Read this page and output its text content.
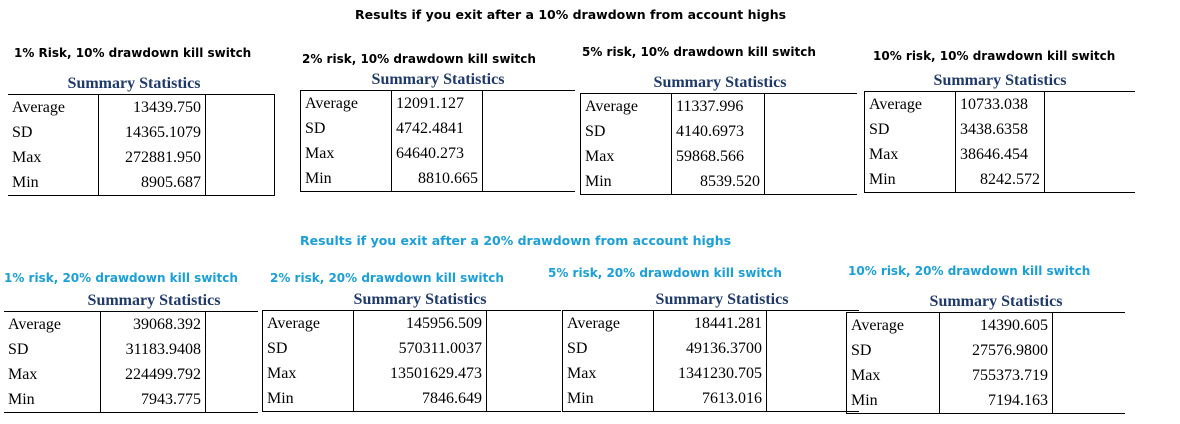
Results if you exit after a 10% drawdown from account highs
Results if you exit after a 20% drawdown from account highs
1% Risk, 10% drawdown kill switch
Summary Statistics
Average	13439.750	
SD	14365.1079	
Max	272881.950	
Min	8905.687	
2% risk, 10% drawdown kill switch
Summary Statistics
Average	12091.127	
SD	4742.4841	
Max	64640.273	
Min	8810.665	
5% risk, 10% drawdown kill switch
Summary Statistics
Average	11337.996	
SD	4140.6973	
Max	59868.566	
Min	8539.520	
10% risk, 10% drawdown kill switch
Summary Statistics
Average	10733.038	
SD	3438.6358	
Max	38646.454	
Min	8242.572	
1% risk, 20% drawdown kill switch
Summary Statistics
Average	39068.392	
SD	31183.9408	
Max	224499.792	
Min	7943.775	
2% risk, 20% drawdown kill switch
Summary Statistics
Average	145956.509	
SD	570311.0037	
Max	13501629.473	
Min	7846.649	
5% risk, 20% drawdown kill switch
Summary Statistics
Average	18441.281	
SD	49136.3700	
Max	1341230.705	
Min	7613.016	
10% risk, 20% drawdown kill switch
Summary Statistics
Average	14390.605	
SD	27576.9800	
Max	755373.719	
Min	7194.163	
